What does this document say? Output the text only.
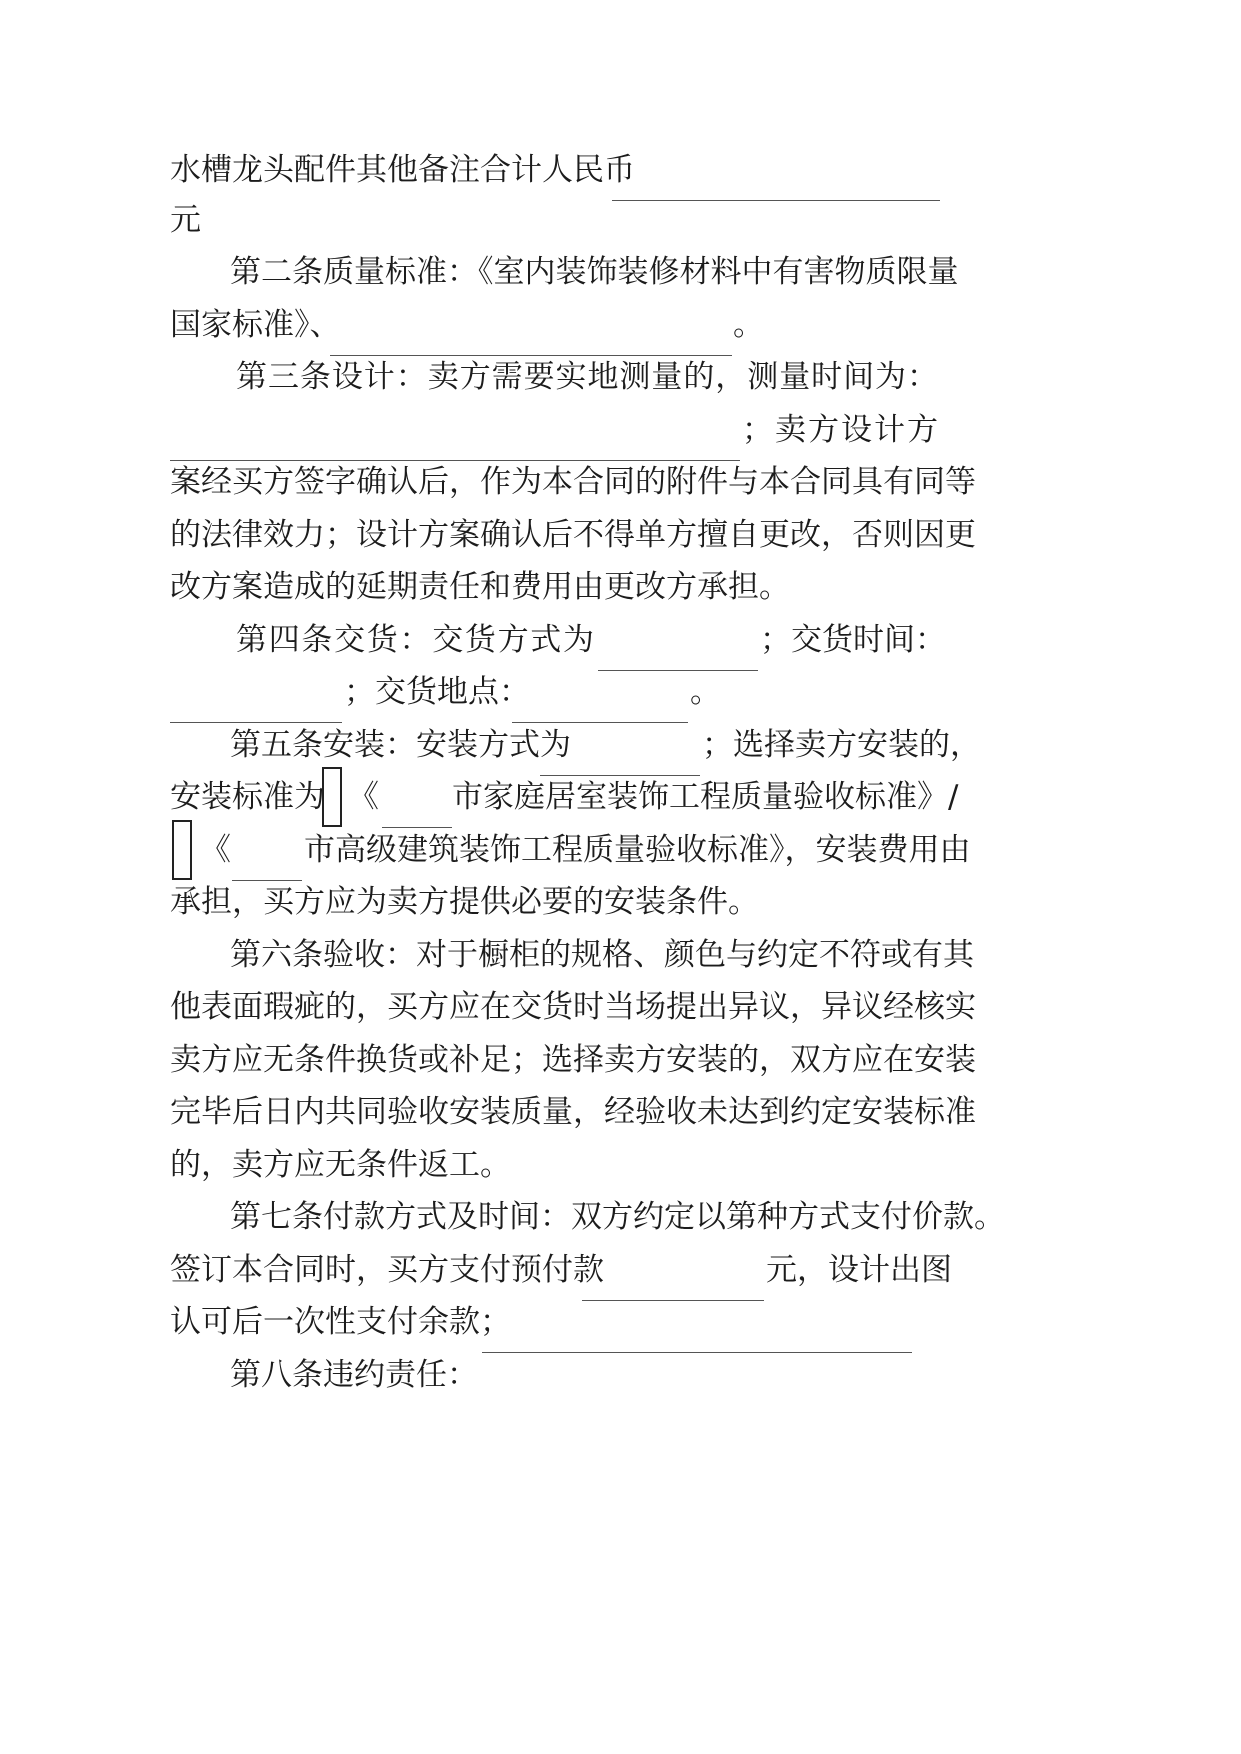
水槽龙头配件其他备注合计人民币
元
第二条质量标准：《室内装饰装修材料中有害物质限量
国家标准》、	。
第三条设计：卖方需要实地测量的，测量时间为：
；卖方设计方
案经买方签字确认后，作为本合同的附件与本合同具有同等
的法律效力；设计方案确认后不得单方擅自更改，否则因更
改方案造成的延期责任和费用由更改方承担。
第四条交货：交货方式为	；交货时间：
；交货地点：	。
第五条安装：安装方式为	；选择卖方安装的，
安装标准为 《 市家庭居室装饰工程质量验收标准》/
《 市高级建筑装饰工程质量验收标准》，安装费用由
承担，买方应为卖方提供必要的安装条件。
第六条验收：对于橱柜的规格、颜色与约定不符或有其
他表面瑕疵的，买方应在交货时当场提出异议，异议经核实
卖方应无条件换货或补足；选择卖方安装的，双方应在安装
完毕后日内共同验收安装质量，经验收未达到约定安装标准
的，卖方应无条件返工。
第七条付款方式及时间：双方约定以第种方式支付价款。
签订本合同时，买方支付预付款	元，设计出图
认可后一次性支付余款；
第八条违约责任：
